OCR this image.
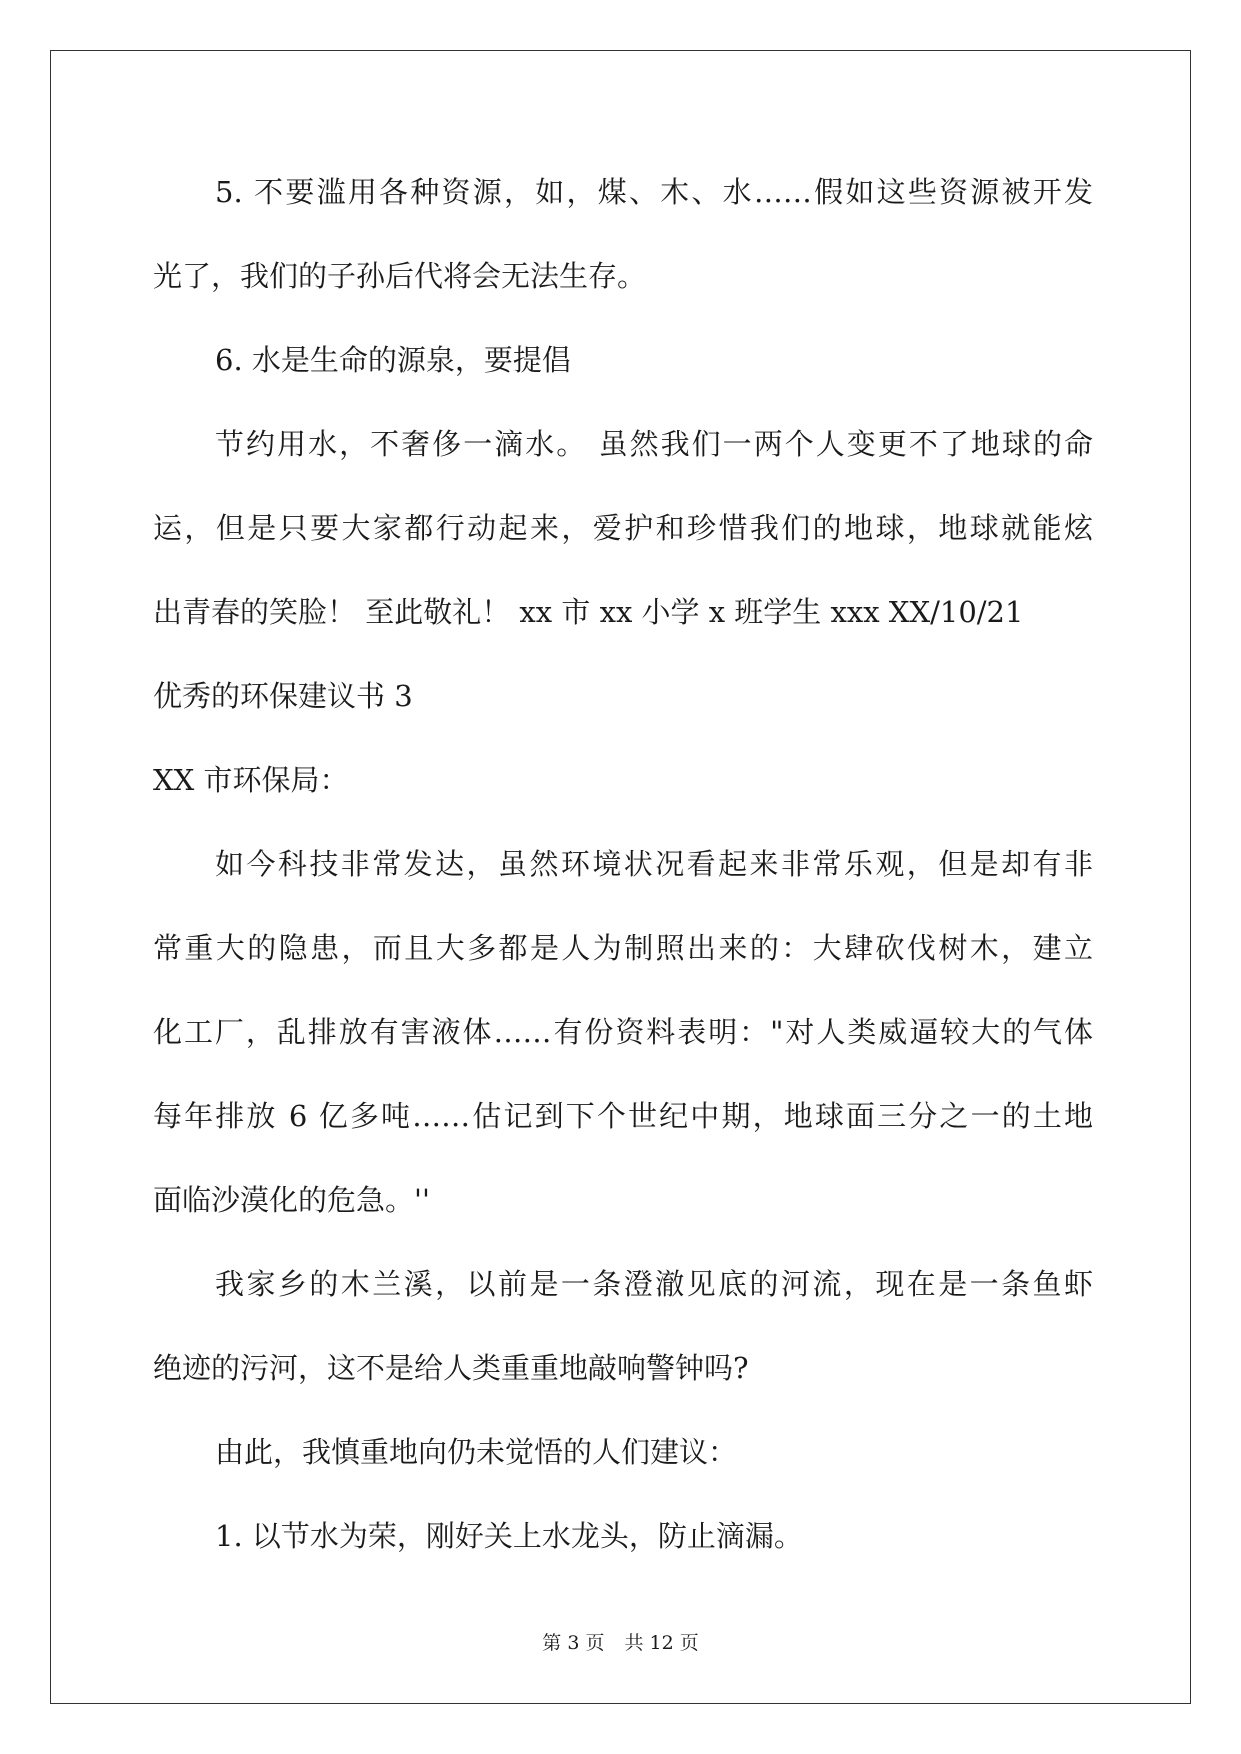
5. 不要滥用各种资源，如，煤、木、水……假如这些资源被开发
光了，我们的子孙后代将会无法生存。
6. 水是生命的源泉，要提倡
节约用水，不奢侈一滴水。 虽然我们一两个人变更不了地球的命
运，但是只要大家都行动起来，爱护和珍惜我们的地球，地球就能炫
出青春的笑脸！ 至此敬礼！ xx 市 xx 小学 x 班学生 xxx XX/10/21
优秀的环保建议书 3
XX 市环保局：
如今科技非常发达，虽然环境状况看起来非常乐观，但是却有非
常重大的隐患，而且大多都是人为制照出来的：大肆砍伐树木，建立
化工厂，乱排放有害液体……有份资料表明："对人类威逼较大的气体
每年排放 6 亿多吨……估记到下个世纪中期，地球面三分之一的土地
面临沙漠化的危急。''
我家乡的木兰溪，以前是一条澄澈见底的河流，现在是一条鱼虾
绝迹的污河，这不是给人类重重地敲响警钟吗?
由此，我慎重地向仍未觉悟的人们建议：
1. 以节水为荣，刚好关上水龙头，防止滴漏。
第 3 页 共 12 页
